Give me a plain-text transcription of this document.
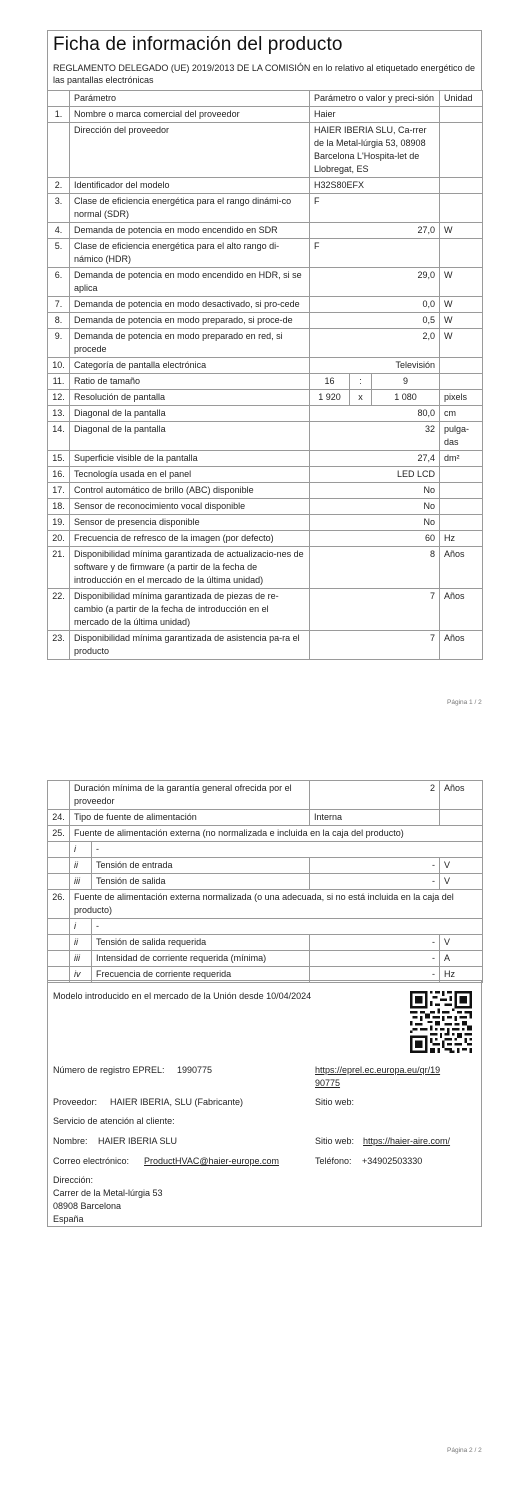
Ficha de información del producto
REGLAMENTO DELEGADO (UE) 2019/2013 DE LA COMISIÓN en lo relativo al etiquetado energético de las pantallas electrónicas
	Parámetro	Parámetro o valor y preci-sión			Unidad
1.	Nombre o marca comercial del proveedor	Haier			
	Dirección del proveedor	HAIER IBERIA SLU, Ca-rrer de la Metal-lúrgia 53, 08908 Barcelona L'Hospita-let de Llobregat, ES			
2.	Identificador del modelo	H32S80EFX			
3.	Clase de eficiencia energética para el rango dinámi-co normal (SDR)	F			
4.	Demanda de potencia en modo encendido en SDR	27,0			W
5.	Clase de eficiencia energética para el alto rango di-námico (HDR)	F			
6.	Demanda de potencia en modo encendido en HDR, si se aplica	29,0			W
7.	Demanda de potencia en modo desactivado, si pro-cede	0,0			W
8.	Demanda de potencia en modo preparado, si proce-de	0,5			W
9.	Demanda de potencia en modo preparado en red, si procede	2,0			W
10.	Categoría de pantalla electrónica	Televisión			
11.	Ratio de tamaño	16	:	9	
12.	Resolución de pantalla	1 920	x	1 080	pixels
13.	Diagonal de la pantalla	80,0			cm
14.	Diagonal de la pantalla	32			pulga-das
15.	Superficie visible de la pantalla	27,4			dm²
16.	Tecnología usada en el panel	LED LCD			
17.	Control automático de brillo (ABC) disponible	No			
18.	Sensor de reconocimiento vocal disponible	No			
19.	Sensor de presencia disponible	No			
20.	Frecuencia de refresco de la imagen (por defecto)	60			Hz
21.	Disponibilidad mínima garantizada de actualizacio-nes de software y de firmware (a partir de la fecha de introducción en el mercado de la última unidad)	8			Años
22.	Disponibilidad mínima garantizada de piezas de re-cambio (a partir de la fecha de introducción en el mercado de la última unidad)	7			Años
23.	Disponibilidad mínima garantizada de asistencia pa-ra el producto	7			Años
Página 1 / 2
	Duración mínima de la garantía general ofrecida por el proveedor		2	Años
24.	Tipo de fuente de alimentación		Interna	
25.	Fuente de alimentación externa (no normalizada e incluida en la caja del producto)			
	i	-		
	ii	Tensión de entrada	-	V
	iii	Tensión de salida	-	V
26.	Fuente de alimentación externa normalizada (o una adecuada, si no está incluida en la caja del producto)			
	i	-		
	ii	Tensión de salida requerida	-	V
	iii	Intensidad de corriente requerida (mínima)	-	A
	iv	Frecuencia de corriente requerida	-	Hz
Modelo introducido en el mercado de la Unión desde 10/04/2024
Número de registro EPREL: 1990775	https://eprel.ec.europa.eu/qr/19
90775
Proveedor: HAIER IBERIA, SLU (Fabricante)	Sitio web:
Servicio de atención al cliente:
Nombre: HAIER IBERIA SLU	Sitio web: https://haier-aire.com/
Correo electrónico: ProductHVAC@haier-europe.com	Teléfono: +34902503330
Dirección:
Carrer de la Metal-lúrgia 53
08908 Barcelona
España
Página 2 / 2
